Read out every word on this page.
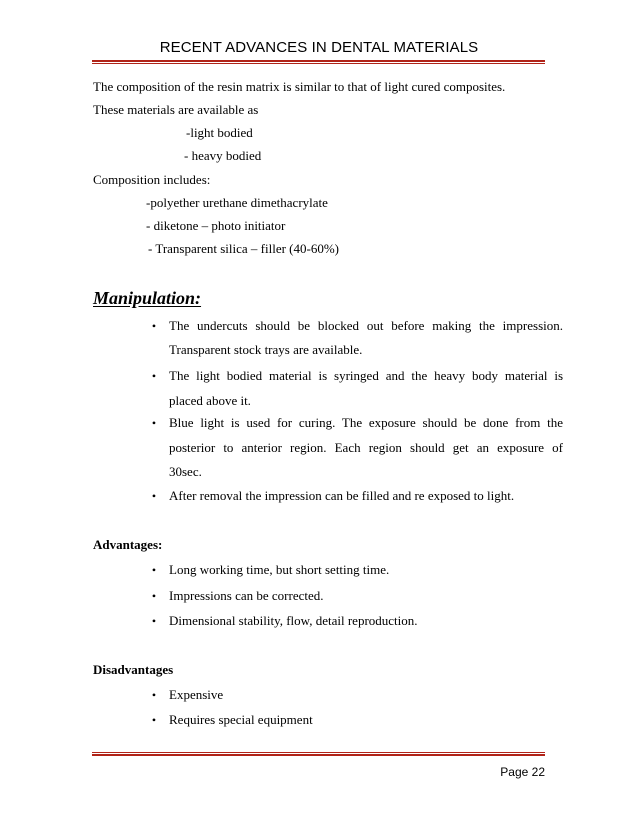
RECENT ADVANCES IN DENTAL MATERIALS
The composition of the resin matrix is similar to that of light cured composites.
These materials are available as
-light bodied
- heavy bodied
Composition includes:
-polyether urethane dimethacrylate
- diketone – photo initiator
- Transparent silica – filler (40-60%)
Manipulation:
• The undercuts should be blocked out before making the impression.
Transparent stock trays are available.
• The light bodied material is syringed and the heavy body material is
placed above it.
• Blue light is used for curing. The exposure should be done from the
posterior to anterior region. Each region should get an exposure of
30sec.
• After removal the impression can be filled and re exposed to light.
Advantages:
• Long working time, but short setting time.
• Impressions can be corrected.
• Dimensional stability, flow, detail reproduction.
Disadvantages
• Expensive
• Requires special equipment
Page 22
